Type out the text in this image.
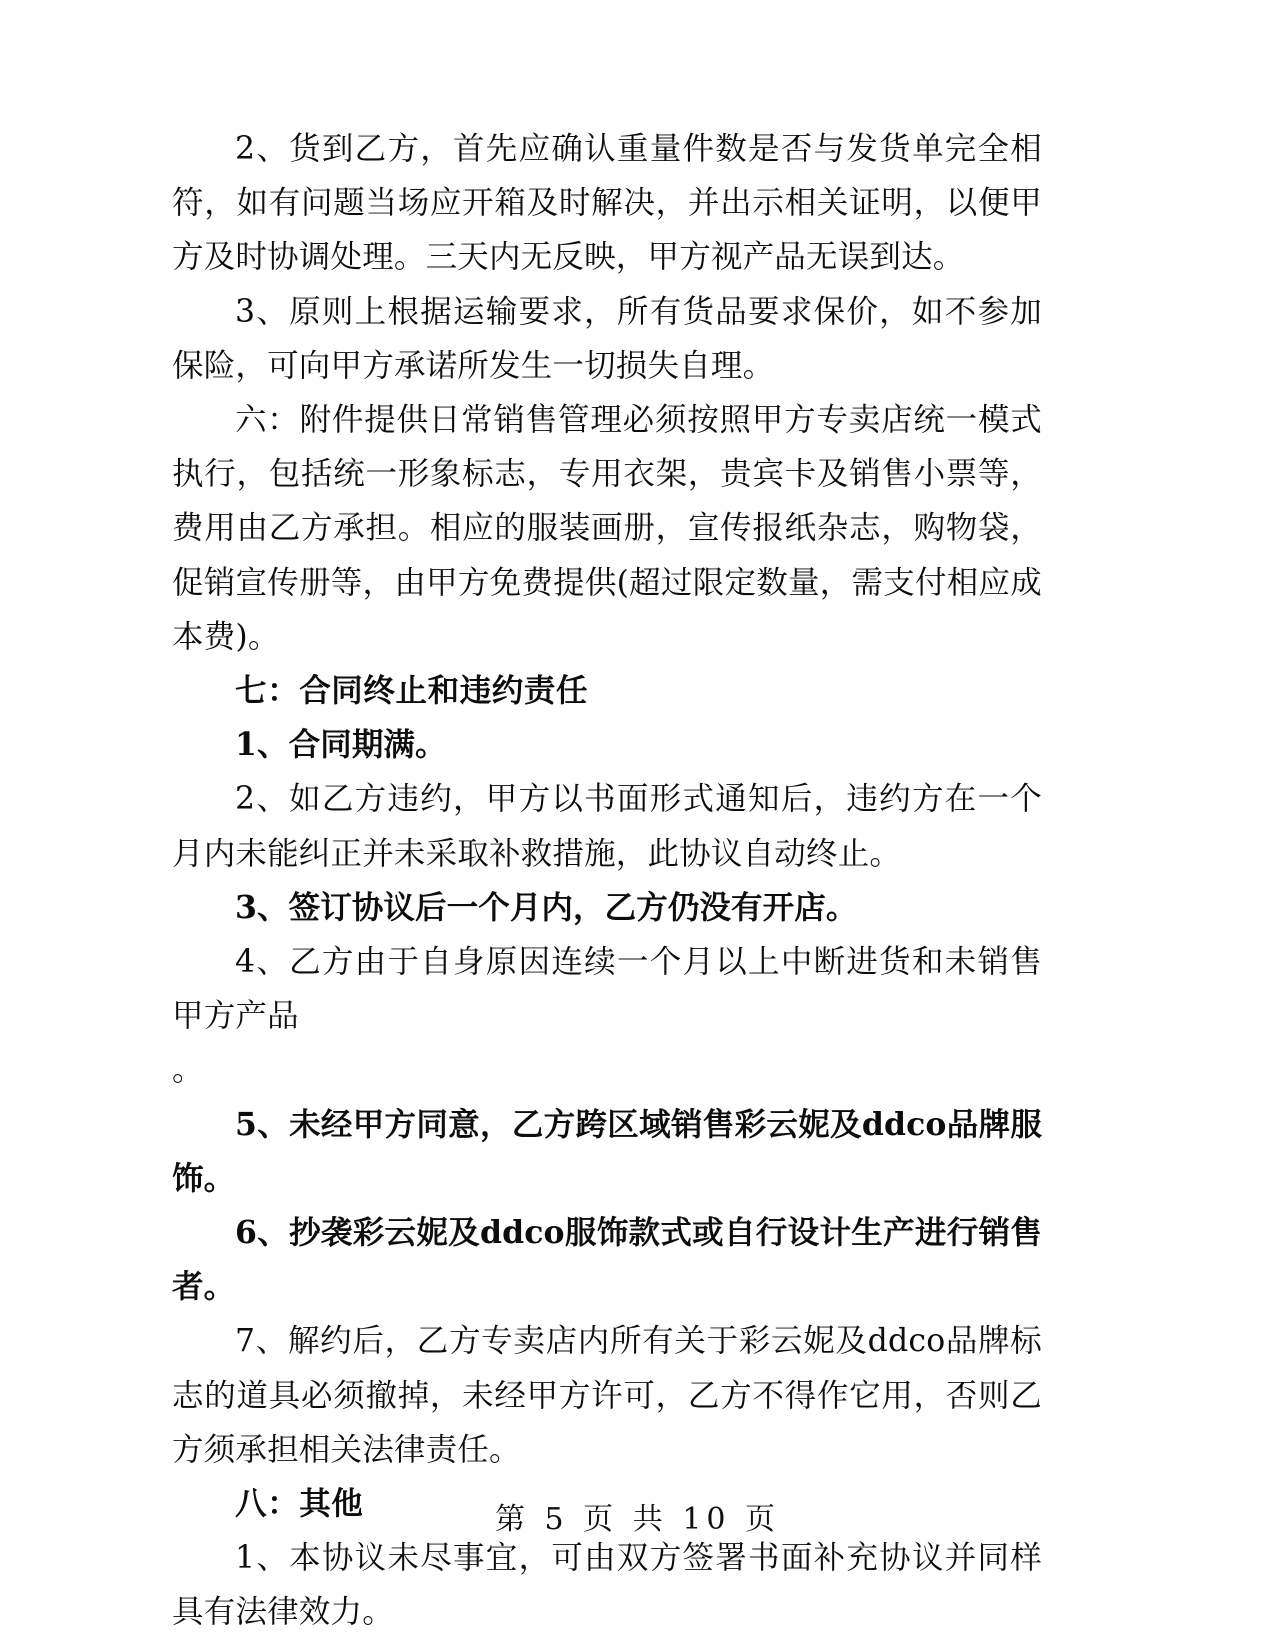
2、货到乙方，首先应确认重量件数是否与发货单完全相符，如有问题当场应开箱及时解决，并出示相关证明，以便甲方及时协调处理。三天内无反映，甲方视产品无误到达。

3、原则上根据运输要求，所有货品要求保价，如不参加保险，可向甲方承诺所发生一切损失自理。

六：附件提供日常销售管理必须按照甲方专卖店统一模式执行，包括统一形象标志，专用衣架，贵宾卡及销售小票等，费用由乙方承担。相应的服装画册，宣传报纸杂志，购物袋，促销宣传册等，由甲方免费提供(超过限定数量，需支付相应成本费)。

七：合同终止和违约责任

1、合同期满。

2、如乙方违约，甲方以书面形式通知后，违约方在一个月内未能纠正并未采取补救措施，此协议自动终止。

3、签订协议后一个月内，乙方仍没有开店。

4、乙方由于自身原因连续一个月以上中断进货和未销售甲方产品

。

5、未经甲方同意，乙方跨区域销售彩云妮及ddco品牌服饰。

6、抄袭彩云妮及ddco服饰款式或自行设计生产进行销售者。

7、解约后，乙方专卖店内所有关于彩云妮及ddco品牌标志的道具必须撤掉，未经甲方许可，乙方不得作它用，否则乙方须承担相关法律责任。

八：其他

1、本协议未尽事宜，可由双方签署书面补充协议并同样具有法律效力。

第 5 页 共 10 页
